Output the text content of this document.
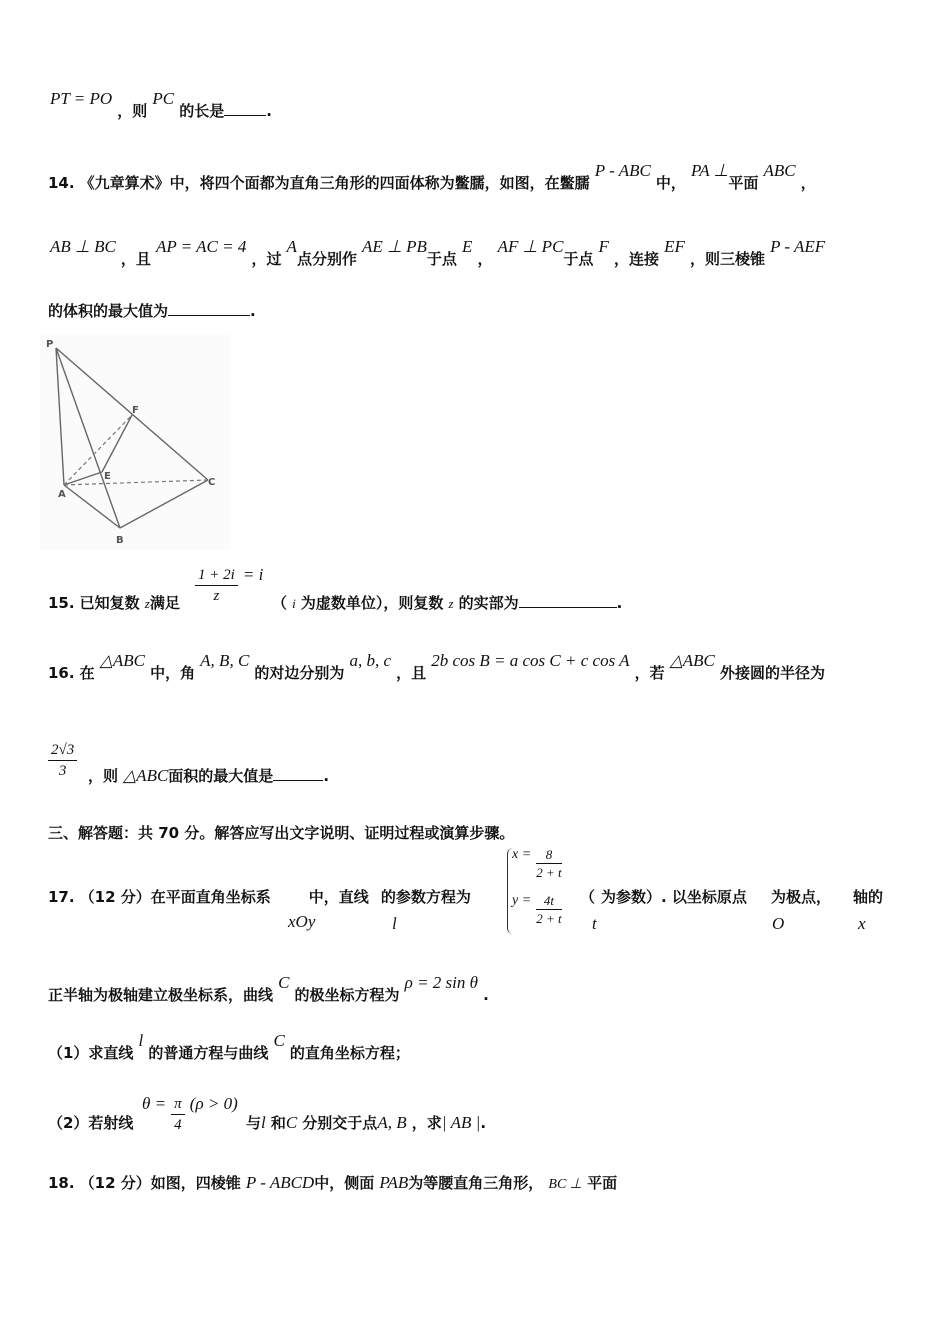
PT = PO ，则 PC 的长是	.
14. 《九章算术》中，将四个面都为直角三角形的四面体称为鳖臑，如图，在鳖臑 P - ABC 中， PA ⊥平面 ABC ，
AB ⊥ BC ，且 AP = AC = 4 ，过 A点分别作 AE ⊥ PB于点 E ， AF ⊥ PC于点 F ，连接 EF ，则三棱锥 P - AEF
的体积的最大值为	.
P
F
E
A
C
B
15. 已知复数 z满足 $\frac{1 + 2i}{z} = i$
（ i 为虚数单位），则复数 z 的实部为	.
16. 在 △ABC 中，角 A, B, C 的对边分别为 a, b, c ，且 2b cos B = a cos C + c cos A ，若 △ABC 外接圆的半径为
$\frac{2√3}{3}$ ，则 △ABC面积的最大值是	.
三、解答题：共 70 分。解答应写出文字说明、证明过程或演算步骤。
17. （12 分）在平面直角坐标系	中，直线 的参数方程为
xOy	l
$x = \frac{8}{2 + t}$
$y = \frac{4t}{2 + t}$ （ 为参数）. 以坐标原点 为极点， 轴的
t	O	x
正半轴为极轴建立极坐标系，曲线 C 的极坐标方程为 ρ = 2 sin θ .
（1）求直线 l 的普通方程与曲线 C 的直角坐标方程；
（2）若射线
$\theta = \frac{\pi}{4} (\rho > 0)$
与l 和C 分别交于点A, B ，求| AB |.
18. （12 分）如图，四棱锥 P - ABCD中，侧面 PAB为等腰直角三角形， BC ⊥ 平面
